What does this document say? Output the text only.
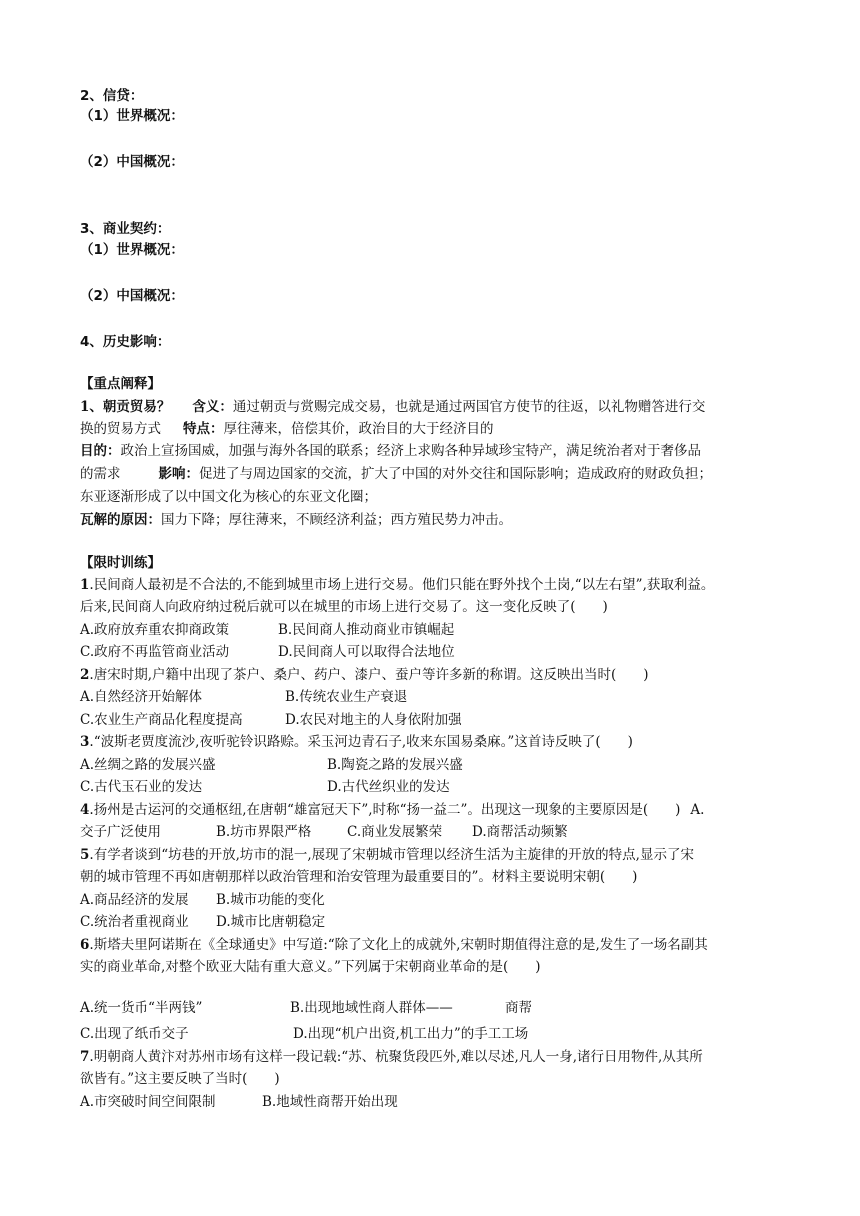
2、信贷：
（1）世界概况：
（2）中国概况：
3、商业契约：
（1）世界概况：
（2）中国概况：
4、历史影响：
【重点阐释】
1、朝贡贸易？ 含义：通过朝贡与赏赐完成交易，也就是通过两国官方使节的往返，以礼物赠答进行交
换的贸易方式 特点：厚往薄来，倍偿其价，政治目的大于经济目的
目的：政治上宣扬国威，加强与海外各国的联系；经济上求购各种异域珍宝特产，满足统治者对于奢侈品
的需求	影响：促进了与周边国家的交流，扩大了中国的对外交往和国际影响；造成政府的财政负担；
东亚逐渐形成了以中国文化为核心的东亚文化圈；
瓦解的原因：国力下降；厚往薄来，不顾经济利益；西方殖民势力冲击。
【限时训练】
1.民间商人最初是不合法的,不能到城里市场上进行交易。他们只能在野外找个土岗,“以左右望”,获取利益。
后来,民间商人向政府纳过税后就可以在城里的市场上进行交易了。这一变化反映了(　　)
A.政府放弃重农抑商政策	B.民间商人推动商业市镇崛起
C.政府不再监管商业活动	D.民间商人可以取得合法地位
2.唐宋时期,户籍中出现了茶户、桑户、药户、漆户、蚕户等许多新的称谓。这反映出当时(　　)
A.自然经济开始解体	B.传统农业生产衰退
C.农业生产商品化程度提高	D.农民对地主的人身依附加强
3.“波斯老贾度流沙,夜听驼铃识路赊。采玉河边青石子,收来东国易桑麻。”这首诗反映了(　　)
A.丝绸之路的发展兴盛	B.陶瓷之路的发展兴盛
C.古代玉石业的发达	D.古代丝织业的发达
4.扬州是古运河的交通枢纽,在唐朝“雄富冠天下”,时称“扬一益二”。出现这一现象的主要原因是(　　) A.
交子广泛使用	B.坊市界限严格	C.商业发展繁荣 D.商帮活动频繁
5.有学者谈到“坊巷的开放,坊市的混一,展现了宋朝城市管理以经济生活为主旋律的开放的特点,显示了宋
朝的城市管理不再如唐朝那样以政治管理和治安管理为最重要目的”。材料主要说明宋朝(　　)
A.商品经济的发展 B.城市功能的变化
C.统治者重视商业 D.城市比唐朝稳定
6.斯塔夫里阿诺斯在《全球通史》中写道:“除了文化上的成就外,宋朝时期值得注意的是,发生了一场名副其
实的商业革命,对整个欧亚大陆有重大意义。”下列属于宋朝商业革命的是(　　)
A.统一货币“半两钱”	B.出现地域性商人群体——	商帮
C.出现了纸币交子	D.出现“机户出资,机工出力”的手工工场
7.明朝商人黄汴对苏州市场有这样一段记载:“苏、杭聚货段匹外,难以尽述,凡人一身,诸行日用物件,从其所
欲皆有。”这主要反映了当时(　　)
A.市突破时间空间限制	B.地域性商帮开始出现
